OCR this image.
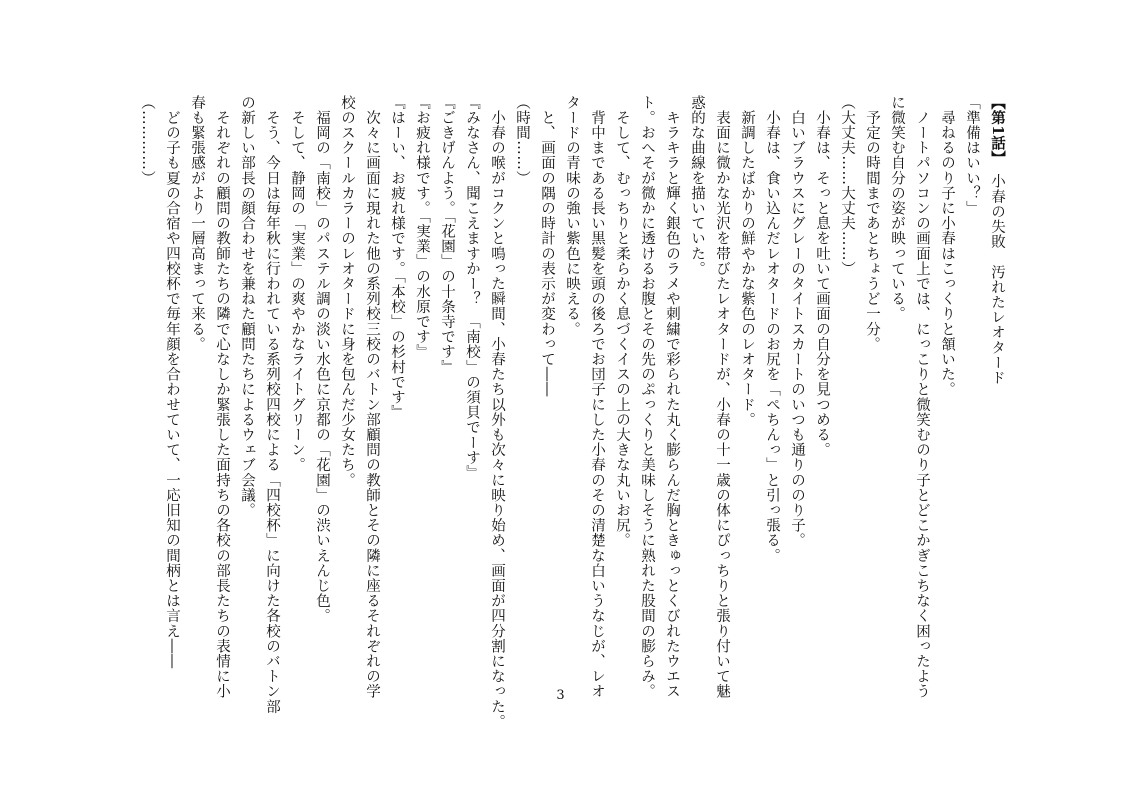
【第1話】　小春の失敗　汚れたレオタード

「準備はいい？」

　尋ねるのり子に小春はこっくりと頷いた。

　ノートパソコンの画面上では、にっこりと微笑むのり子とどこかぎこちなく困ったよう

に微笑む自分の姿が映っている。

　予定の時間まであとちょうど一分。

（大丈夫……大丈夫……）

　小春は、そっと息を吐いて画面の自分を見つめる。

　白いブラウスにグレーのタイトスカートのいつも通りののり子。

　小春は、食い込んだレオタードのお尻を「ぺちんっ」と引っ張る。

　新調したばかりの鮮やかな紫色のレオタード。

　表面に微かな光沢を帯びたレオタードが、小春の十一歳の体にぴっちりと張り付いて魅

惑的な曲線を描いていた。

　キラキラと輝く銀色のラメや刺繍で彩られた丸く膨らんだ胸ときゅっとくびれたウエス

ト。おへそが微かに透けるお腹とその先のぷっくりと美味しそうに熟れた股間の膨らみ。

　そして、むっちりと柔らかく息づくイスの上の大きな丸いお尻。

　背中まである長い黒髪を頭の後ろでお団子にした小春のその清楚な白いうなじが、レオ

タードの青味の強い紫色に映える。

　と、画面の隅の時計の表示が変わって――

（時間……）

　小春の喉がコクンと鳴った瞬間、小春たち以外も次々に映り始め、画面が四分割になった。

『みなさん、聞こえますかー？　「南校」の須貝でーす』

『ごきげんよう。「花園」の十条寺です』

『お疲れ様です。「実業」の水原です』

『はーい、お疲れ様です。「本校」の杉村です』

　次々に画面に現れた他の系列校三校のバトン部顧問の教師とその隣に座るそれぞれの学

校のスクールカラーのレオタードに身を包んだ少女たち。

　福岡の「南校」のパステル調の淡い水色に京都の「花園」の渋いえんじ色。

　そして、静岡の「実業」の爽やかなライトグリーン。

　そう、今日は毎年秋に行われている系列校四校による「四校杯」に向けた各校のバトン部

の新しい部長の顔合わせを兼ねた顧問たちによるウェブ会議。

　それぞれの顧問の教師たちの隣で心なしか緊張した面持ちの各校の部長たちの表情に小

春も緊張感がより一層高まって来る。

　どの子も夏の合宿や四校杯で毎年顔を合わせていて、一応旧知の間柄とは言え――

（…………）

3
